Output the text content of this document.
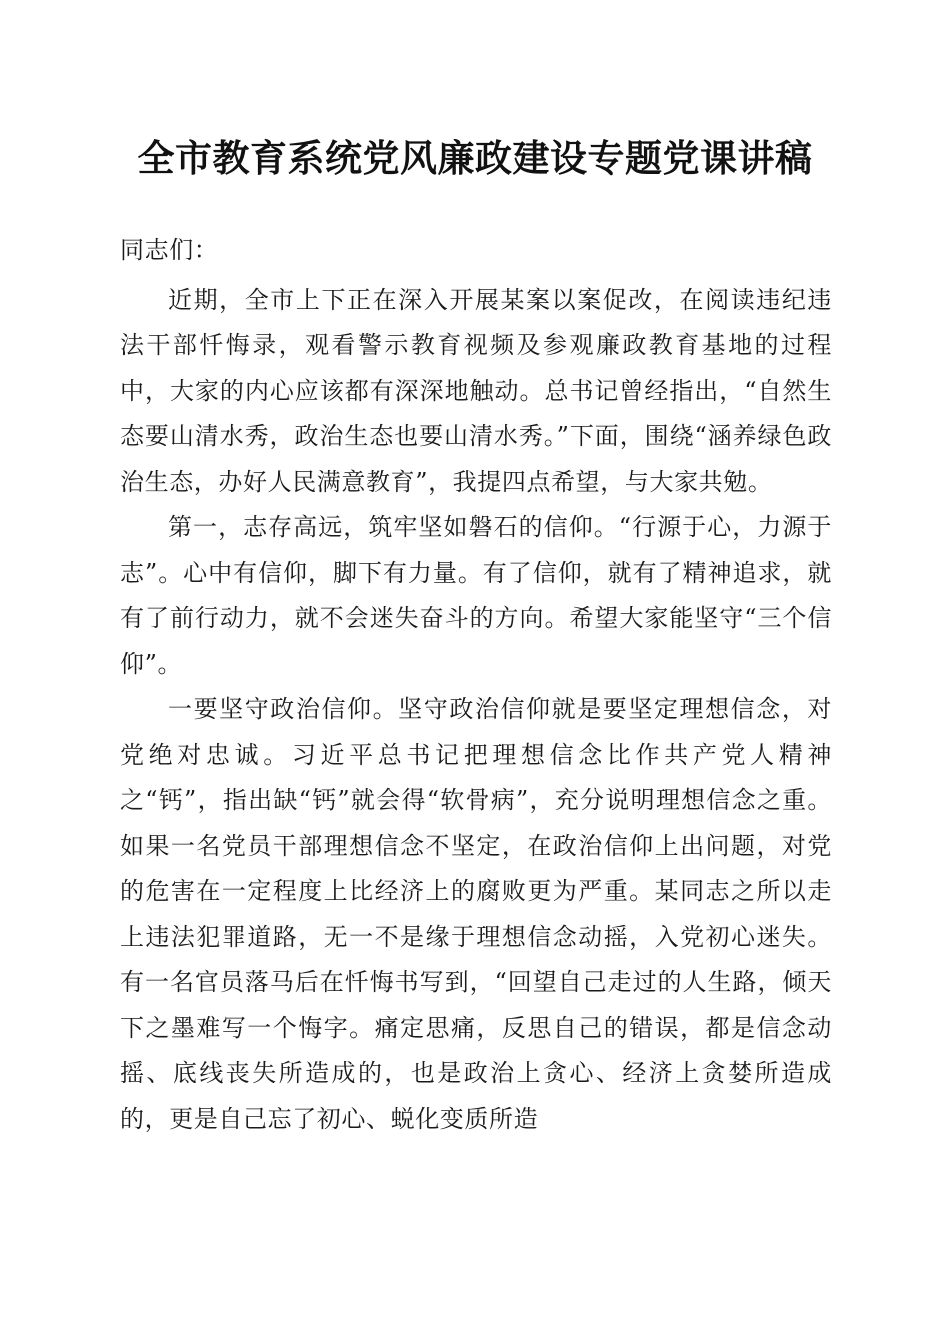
全市教育系统党风廉政建设专题党课讲稿

同志们：

近期，全市上下正在深入开展某案以案促改，在阅读违纪违法干部忏悔录，观看警示教育视频及参观廉政教育基地的过程中，大家的内心应该都有深深地触动。总书记曾经指出，“自然生态要山清水秀，政治生态也要山清水秀。”下面，围绕“涵养绿色政治生态，办好人民满意教育”，我提四点希望，与大家共勉。

第一，志存高远，筑牢坚如磐石的信仰。“行源于心，力源于志”。心中有信仰，脚下有力量。有了信仰，就有了精神追求，就有了前行动力，就不会迷失奋斗的方向。希望大家能坚守“三个信仰”。

一要坚守政治信仰。坚守政治信仰就是要坚定理想信念，对党绝对忠诚。习近平总书记把理想信念比作共产党人精神之“钙”，指出缺“钙”就会得“软骨病”，充分说明理想信念之重。如果一名党员干部理想信念不坚定，在政治信仰上出问题，对党的危害在一定程度上比经济上的腐败更为严重。某同志之所以走上违法犯罪道路，无一不是缘于理想信念动摇，入党初心迷失。有一名官员落马后在忏悔书写到，“回望自己走过的人生路，倾天下之墨难写一个悔字。痛定思痛，反思自己的错误，都是信念动摇、底线丧失所造成的，也是政治上贪心、经济上贪婪所造成的，更是自己忘了初心、蜕化变质所造
